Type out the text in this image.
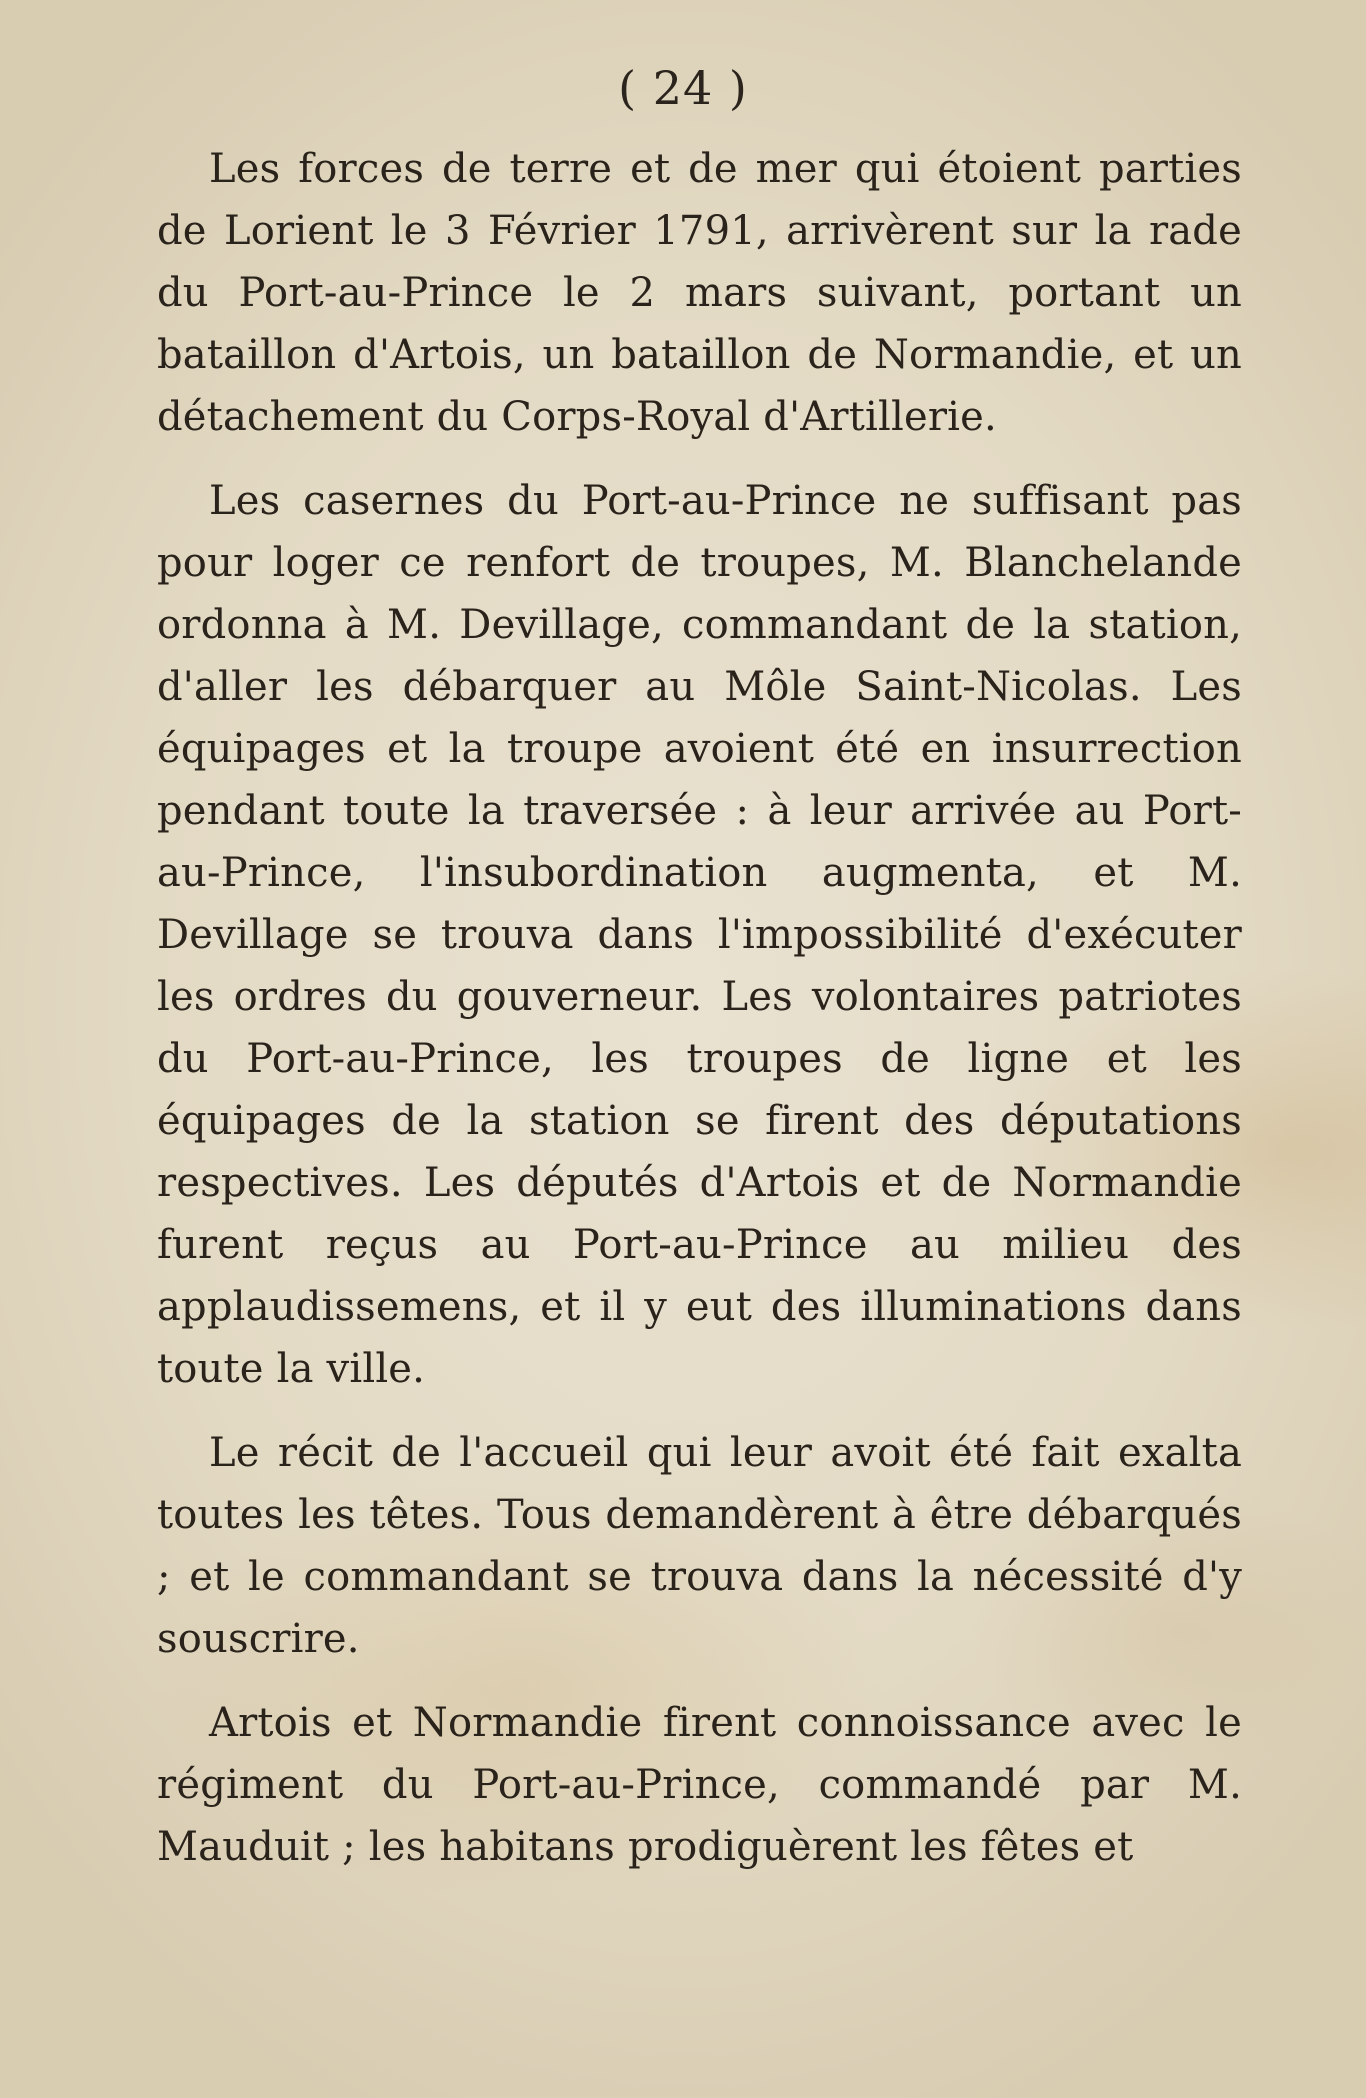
( 24 )

Les forces de terre et de mer qui étoient parties de Lorient le 3 Février 1791, arrivèrent sur la rade du Port-au-Prince le 2 mars suivant, portant un bataillon d'Artois, un bataillon de Normandie, et un détachement du Corps-Royal d'Artillerie.

Les casernes du Port-au-Prince ne suffisant pas pour loger ce renfort de troupes, M. Blanchelande ordonna à M. Devillage, commandant de la station, d'aller les débarquer au Môle Saint-Nicolas. Les équipages et la troupe avoient été en insurrection pendant toute la traversée : à leur arrivée au Port-au-Prince, l'insubordination augmenta, et M. Devillage se trouva dans l'impossibilité d'exécuter les ordres du gouverneur. Les volontaires patriotes du Port-au-Prince, les troupes de ligne et les équipages de la station se firent des députations respectives. Les députés d'Artois et de Normandie furent reçus au Port-au-Prince au milieu des applaudissemens, et il y eut des illuminations dans toute la ville.

Le récit de l'accueil qui leur avoit été fait exalta toutes les têtes. Tous demandèrent à être débarqués ; et le commandant se trouva dans la nécessité d'y souscrire.

Artois et Normandie firent connoissance avec le régiment du Port-au-Prince, commandé par M. Mauduit ; les habitans prodiguèrent les fêtes et
